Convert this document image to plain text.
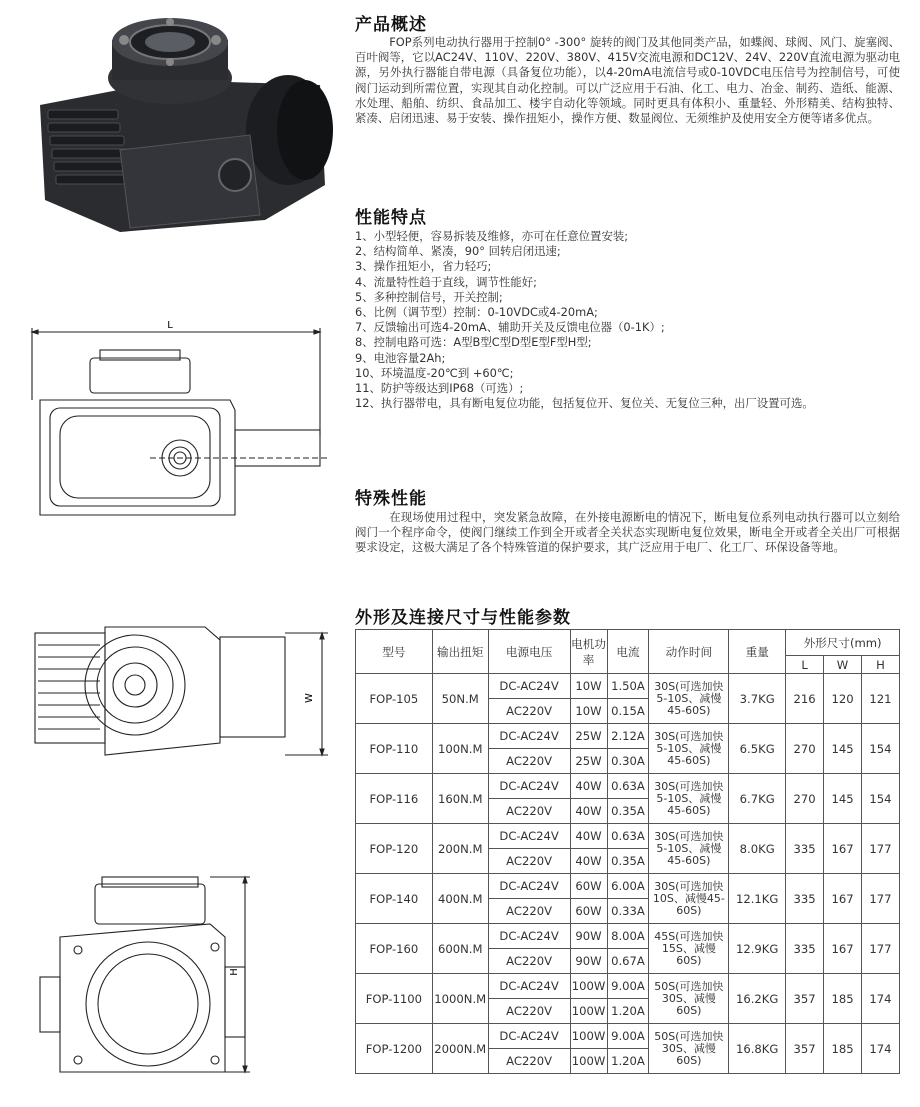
L
W
H
产品概述
FOP系列电动执行器用于控制0° -300° 旋转的阀门及其他同类产品，如蝶阀、球阀、风门、旋塞阀、百叶阀等，它以AC24V、110V、220V、380V、415V交流电源和DC12V、24V、220V直流电源为驱动电源，另外执行器能自带电源（具备复位功能），以4-20mA电流信号或0-10VDC电压信号为控制信号，可使阀门运动到所需位置，实现其自动化控制。可以广泛应用于石油、化工、电力、冶金、制药、造纸、能源、水处理、船舶、纺织、食品加工、楼宇自动化等领域。同时更具有体积小、重量轻、外形精美、结构独特、紧凑、启闭迅速、易于安装、操作扭矩小，操作方便、数显阀位、无须维护及使用安全方便等诸多优点。
性能特点
1、小型轻便，容易拆装及维修，亦可在任意位置安装;
2、结构简单、紧凑，90° 回转启闭迅速;
3、操作扭矩小，省力轻巧;
4、流量特性趋于直线，调节性能好;
5、多种控制信号，开关控制;
6、比例（调节型）控制：0-10VDC或4-20mA;
7、反馈输出可选4-20mA、辅助开关及反馈电位器（0-1K）;
8、控制电路可选：A型B型C型D型E型F型H型;
9、电池容量2Ah;
10、环境温度-20℃到 +60℃;
11、防护等级达到IP68（可选）;
12、执行器带电，具有断电复位功能，包括复位开、复位关、无复位三种，出厂设置可选。
特殊性能
在现场使用过程中，突发紧急故障，在外接电源断电的情况下，断电复位系列电动执行器可以立刻给阀门一个程序命令，使阀门继续工作到全开或者全关状态实现断电复位效果，断电全开或者全关出厂可根据要求设定，这极大满足了各个特殊管道的保护要求，其广泛应用于电厂、化工厂、环保设备等地。
外形及连接尺寸与性能参数
型号	输出扭矩	电源电压	电机功率	电流	动作时间	重量	外形尺寸(mm)		
							L	W	H
FOP-105	50N.M	DC-AC24V	10W	1.50A	30S(可选加快5-10S、减慢45-60S)	3.7KG	216	120	121
		AC220V	10W	0.15A					
FOP-110	100N.M	DC-AC24V	25W	2.12A	30S(可选加快5-10S、减慢45-60S)	6.5KG	270	145	154
		AC220V	25W	0.30A					
FOP-116	160N.M	DC-AC24V	40W	0.63A	30S(可选加快5-10S、减慢45-60S)	6.7KG	270	145	154
		AC220V	40W	0.35A					
FOP-120	200N.M	DC-AC24V	40W	0.63A	30S(可选加快5-10S、减慢45-60S)	8.0KG	335	167	177
		AC220V	40W	0.35A					
FOP-140	400N.M	DC-AC24V	60W	6.00A	30S(可选加快10S、减慢45-60S)	12.1KG	335	167	177
		AC220V	60W	0.33A					
FOP-160	600N.M	DC-AC24V	90W	8.00A	45S(可选加快15S、减慢60S)	12.9KG	335	167	177
		AC220V	90W	0.67A					
FOP-1100	1000N.M	DC-AC24V	100W	9.00A	50S(可选加快30S、减慢60S)	16.2KG	357	185	174
		AC220V	100W	1.20A					
FOP-1200	2000N.M	DC-AC24V	100W	9.00A	50S(可选加快30S、减慢60S)	16.8KG	357	185	174
		AC220V	100W	1.20A					
